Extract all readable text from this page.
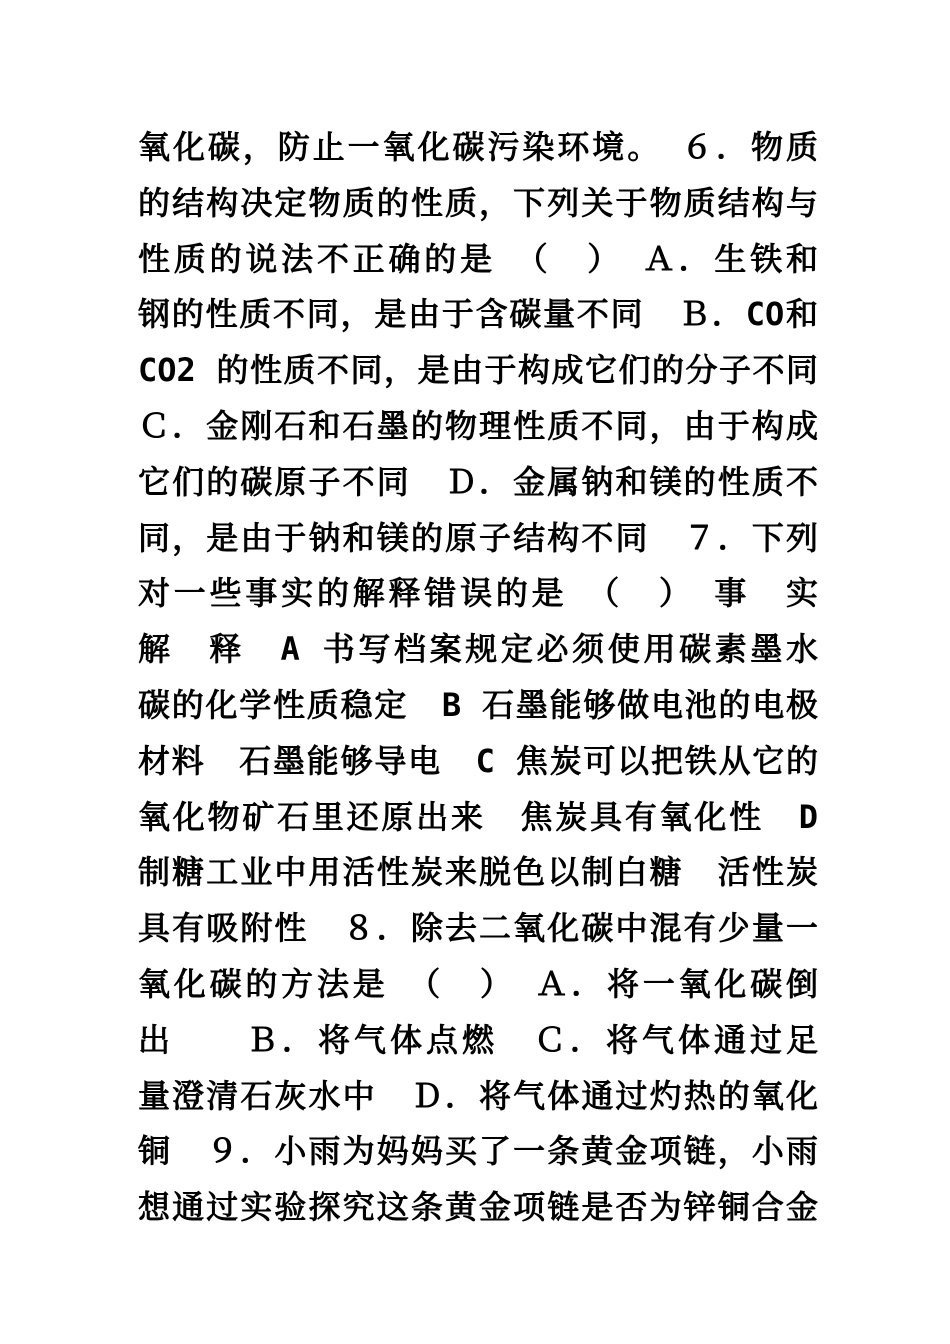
氧化碳，防止一氧化碳污染环境。　６．物质
的结构决定物质的性质，下列关于物质结构与
性质的说法不正确的是　（　）　Ａ．生铁和
钢的性质不同，是由于含碳量不同　Ｂ．CO和
CO2 的性质不同，是由于构成它们的分子不同
Ｃ．金刚石和石墨的物理性质不同，由于构成
它们的碳原子不同　Ｄ．金属钠和镁的性质不
同，是由于钠和镁的原子结构不同　７．下列
对一些事实的解释错误的是　（　）　事　实
解　释　A 书写档案规定必须使用碳素墨水
碳的化学性质稳定　B 石墨能够做电池的电极
材料　石墨能够导电　C 焦炭可以把铁从它的
氧化物矿石里还原出来　焦炭具有氧化性　D
制糖工业中用活性炭来脱色以制白糖　活性炭
具有吸附性　８．除去二氧化碳中混有少量一
氧化碳的方法是　（　）　Ａ．将一氧化碳倒
出　　Ｂ．将气体点燃　Ｃ．将气体通过足
量澄清石灰水中　Ｄ．将气体通过灼热的氧化
铜　９．小雨为妈妈买了一条黄金项链，小雨
想通过实验探究这条黄金项链是否为锌铜合金
